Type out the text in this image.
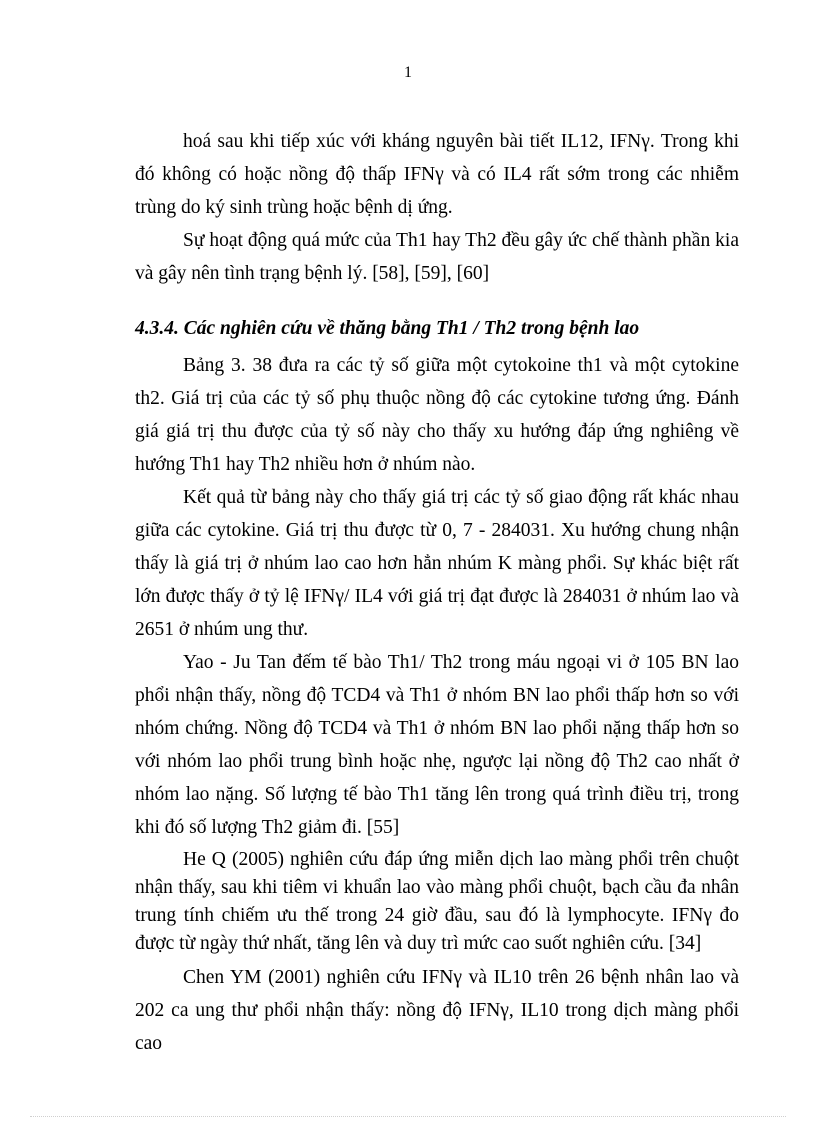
1

hoá sau khi tiếp xúc với kháng nguyên bài tiết IL12, IFNγ. Trong khi đó không có hoặc nồng độ thấp IFNγ và có IL4 rất sớm trong các nhiễm trùng do ký sinh trùng hoặc bệnh dị ứng.

Sự hoạt động quá mức của Th1 hay Th2 đều gây ức chế thành phần kia và gây nên tình trạng bệnh lý. [58], [59], [60]

4.3.4. Các nghiên cứu về thăng bằng Th1 / Th2 trong bệnh lao

Bảng 3. 38 đưa ra các tỷ số giữa một cytokoine th1 và một cytokine th2. Giá trị của các tỷ số phụ thuộc nồng độ các cytokine tương ứng. Đánh giá giá trị thu được của tỷ số này cho thấy xu hướng đáp ứng nghiêng về hướng Th1 hay Th2 nhiều hơn ở nhúm nào.

Kết quả từ bảng này cho thấy giá trị các tỷ số giao động rất khác nhau giữa các cytokine. Giá trị thu được từ 0, 7 - 284031. Xu hướng chung nhận thấy là giá trị ở nhúm lao cao hơn hẳn nhúm K màng phổi. Sự khác biệt rất lớn được thấy ở tỷ lệ IFNγ/ IL4 với giá trị đạt được là 284031 ở nhúm lao và 2651 ở nhúm ung thư.

Yao - Ju Tan đếm tế bào Th1/ Th2 trong máu ngoại vi ở 105 BN lao phổi nhận thấy, nồng độ TCD4 và Th1 ở nhóm BN lao phổi thấp hơn so với nhóm chứng. Nồng độ TCD4 và Th1 ở nhóm BN lao phổi nặng thấp hơn so với nhóm lao phổi trung bình hoặc nhẹ, ngược lại nồng độ Th2 cao nhất ở nhóm lao nặng. Số lượng tế bào Th1 tăng lên trong quá trình điều trị, trong khi đó số lượng Th2 giảm đi. [55]

He Q (2005) nghiên cứu đáp ứng miễn dịch lao màng phổi trên chuột nhận thấy, sau khi tiêm vi khuẩn lao vào màng phổi chuột, bạch cầu đa nhân trung tính chiếm ưu thế trong 24 giờ đầu, sau đó là lymphocyte. IFNγ đo được từ ngày thứ nhất, tăng lên và duy trì mức cao suốt nghiên cứu. [34]

Chen YM (2001) nghiên cứu IFNγ và IL10 trên 26 bệnh nhân lao và 202 ca ung thư phổi nhận thấy: nồng độ IFNγ, IL10 trong dịch màng phổi cao
